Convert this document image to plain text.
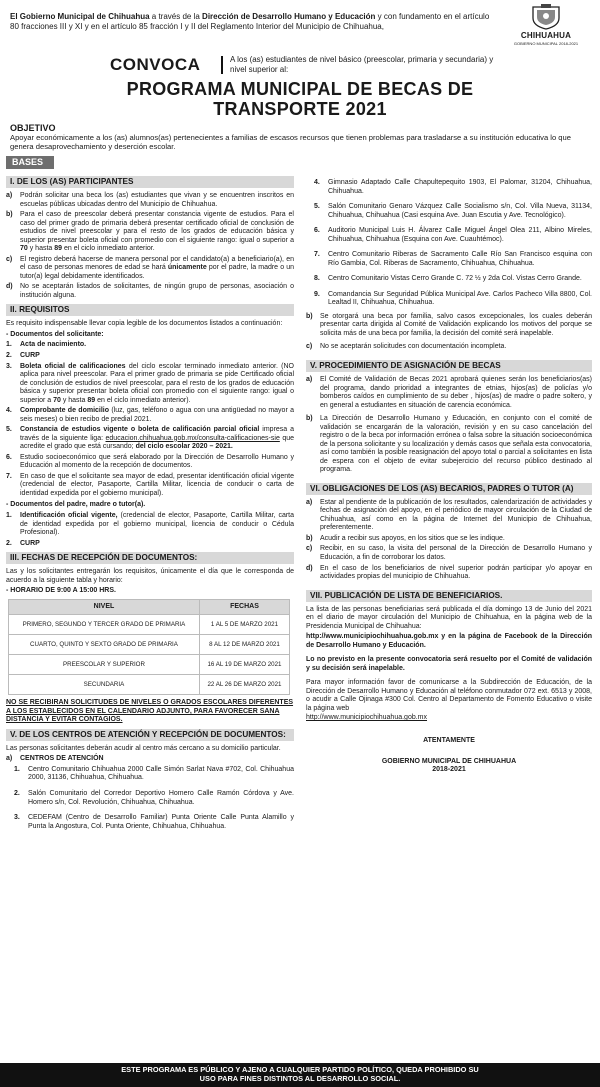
El Gobierno Municipal de Chihuahua a través de la Dirección de Desarrollo Humano y Educación y con fundamento en el artículo 80 fracciones III y XI y en el artículo 85 fracción I y II del Reglamento Interior del Municipio de Chihuahua,
CHIHUAHUA
GOBIERNO MUNICIPAL 2018-2021
CONVOCA	A los (as) estudiantes de nivel básico (preescolar, primaria y secundaria) y nivel superior al:
PROGRAMA MUNICIPAL DE BECAS DE
TRANSPORTE 2021
OBJETIVO
Apoyar económicamente a los (as) alumnos(as) pertenecientes a familias de escasos recursos que tienen problemas para trasladarse a su institución educativa lo que genera desaprovechamiento y deserción escolar.
BASES
I. DE LOS (AS) PARTICIPANTES
a)	Podrán solicitar una beca los (as) estudiantes que vivan y se encuentren inscritos en escuelas públicas ubicadas dentro del Municipio de Chihuahua.
b)	Para el caso de preescolar deberá presentar constancia vigente de estudios. Para el caso del primer grado de primaria deberá presentar certificado oficial de conclusión de estudios de nivel preescolar y para el resto de los grados de educación básica y superior presentar boleta oficial con promedio con el siguiente rango: igual o superior a 70 y hasta 89 en el ciclo inmediato anterior.
c)	El registro deberá hacerse de manera personal por el candidato(a) a beneficiario(a), en el caso de personas menores de edad se hará únicamente por el padre, la madre o un tutor(a) legal debidamente identificados.
d)	No se aceptarán listados de solicitantes, de ningún grupo de personas, asociación o institución alguna.
II. REQUISITOS
Es requisito indispensable llevar copia legible de los documentos listados a continuación:
- Documentos del solicitante:
1.	Acta de nacimiento.
2.	CURP
3.	Boleta oficial de calificaciones del ciclo escolar terminado inmediato anterior. (NO aplica para nivel preescolar. Para el primer grado de primaria se pide Certificado oficial de conclusión de estudios de nivel preescolar, para el resto de los grados de educación básica y superior presentar boleta oficial con promedio con el siguiente rango: igual o superior a 70 y hasta 89 en el ciclo inmediato anterior).
4.	Comprobante de domicilio (luz, gas, teléfono o agua con una antigüedad no mayor a seis meses) o bien recibo de predial 2021.
5.	Constancia de estudios vigente o boleta de calificación parcial oficial impresa a través de la siguiente liga: educacion.chihuahua.gob.mx/consulta-calificaciones-sie que acredite el grado que está cursando; del ciclo escolar 2020 – 2021.
6.	Estudio socioeconómico que será elaborado por la Dirección de Desarrollo Humano y Educación al momento de la recepción de documentos.
7.	En caso de que el solicitante sea mayor de edad, presentar identificación oficial vigente (credencial de elector, Pasaporte, Cartilla Militar, licencia de conducir o carta de identidad expedida por el gobierno municipal).
- Documentos del padre, madre o tutor(a).
1.	Identificación oficial vigente, (credencial de elector, Pasaporte, Cartilla Militar, carta de identidad expedida por el gobierno municipal, licencia de conducir o Cédula Profesional).
2.	CURP
III. FECHAS DE RECEPCIÓN DE DOCUMENTOS:
Las y los solicitantes entregarán los requisitos, únicamente el día que le corresponda de acuerdo a la siguiente tabla y horario:
- HORARIO DE 9:00 A 15:00 HRS.
NIVEL	FECHAS
PRIMERO, SEGUNDO Y TERCER GRADO DE PRIMARIA	1 AL 5 DE MARZO 2021
CUARTO, QUINTO Y SEXTO GRADO DE PRIMARIA	8 AL 12 DE MARZO 2021
PREESCOLAR Y SUPERIOR	16 AL 19 DE MARZO 2021
SECUNDARIA	22 AL 26 DE MARZO 2021
NO SE RECIBIRAN SOLICITUDES DE NIVELES O GRADOS ESCOLARES DIFERENTES A LOS ESTABLECIDOS EN EL CALENDARIO ADJUNTO, PARA FAVORECER SANA DISTANCIA Y EVITAR CONTAGIOS.
V. DE LOS CENTROS DE ATENCIÓN Y RECEPCIÓN DE DOCUMENTOS:
Las personas solicitantes deberán acudir al centro más cercano a su domicilio particular.
a)	CENTROS DE ATENCIÓN
1.	Centro Comunitario Chihuahua 2000 Calle Simón Sarlat Nava #702, Col. Chihuahua 2000, 31136, Chihuahua, Chihuahua.
2.	Salón Comunitario del Corredor Deportivo Homero Calle Ramón Córdova y Ave. Homero s/n, Col. Revolución, Chihuahua, Chihuahua.
3.	CEDEFAM (Centro de Desarrollo Familiar) Punta Oriente Calle Punta Alamillo y Punta la Angostura, Col. Punta Oriente, Chihuahua, Chihuahua.
4.	Gimnasio Adaptado Calle Chapultepequito 1903, El Palomar, 31204, Chihuahua, Chihuahua.
5.	Salón Comunitario Genaro Vázquez Calle Socialismo s/n, Col. Villa Nueva, 31134, Chihuahua, Chihuahua (Casi esquina Ave. Juan Escutia y Ave. Tecnológico).
6.	Auditorio Municipal Luis H. Álvarez Calle Miguel Ángel Olea 211, Albino Mireles, Chihuahua, Chihuahua (Esquina con Ave. Cuauhtémoc).
7.	Centro Comunitario Riberas de Sacramento Calle Río San Francisco esquina con Río Gambia, Col. Riberas de Sacramento, Chihuahua, Chihuahua.
8.	Centro Comunitario Vistas Cerro Grande C. 72 ½ y 2da Col. Vistas Cerro Grande.
9.	Comandancia Sur Seguridad Pública Municipal Ave. Carlos Pacheco Villa 8800, Col. Lealtad II, Chihuahua, Chihuahua.
b)	Se otorgará una beca por familia, salvo casos excepcionales, los cuales deberán presentar carta dirigida al Comité de Validación explicando los motivos del porque se solicita más de una beca por familia, la decisión del comité será inapelable.
c)	No se aceptarán solicitudes con documentación incompleta.
V. PROCEDIMIENTO DE ASIGNACIÓN DE BECAS
a)	El Comité de Validación de Becas 2021 aprobará quienes serán los beneficiarios(as) del programa, dando prioridad a integrantes de etnias, hijos(as) de policías y/o bomberos caídos en cumplimiento de su deber , hijos(as) de madre o padre soltero, y en general a estudiantes en situación de carencia económica.
b)	La Dirección de Desarrollo Humano y Educación, en conjunto con el comité de validación se encargarán de la valoración, revisión y en su caso cancelación del registro o de la beca por información errónea o falsa sobre la situación socioeconómica de la persona solicitante y su localización y demás casos que señala esta convocatoria, así como también la posible reasignación del apoyo total o parcial a solicitantes en lista de espera con el objeto de evitar subejercicio del recurso público destinado al programa.
VI. OBLIGACIONES DE LOS (AS) BECARIOS, PADRES O TUTOR (A)
a)	Estar al pendiente de la publicación de los resultados, calendarización de actividades y fechas de asignación del apoyo, en el periódico de mayor circulación de la Ciudad de Chihuahua, así como en la página de Internet del Municipio de Chihuahua, preferentemente.
b)	Acudir a recibir sus apoyos, en los sitios que se les indique.
c)	Recibir, en su caso, la visita del personal de la Dirección de Desarrollo Humano y Educación, a fin de corroborar los datos.
d)	En el caso de los beneficiarios de nivel superior podrán participar y/o apoyar en actividades propias del municipio de Chihuahua.
VII. PUBLICACIÓN DE LISTA DE BENEFICIARIOS.
La lista de las personas beneficiarias será publicada el día domingo 13 de Junio del 2021 en el diario de mayor circulación del Municipio de Chihuahua, en la página web de la Presidencia Municipal de Chihuahua:
http://www.municipiochihuahua.gob.mx y en la página de Facebook de la Dirección de Desarrollo Humano y Educación.
Lo no previsto en la presente convocatoria será resuelto por el Comité de validación y su decisión será inapelable.
Para mayor información favor de comunicarse a la Subdirección de Educación, de la Dirección de Desarrollo Humano y Educación al teléfono conmutador 072 ext. 6513 y 2008, o acudir a Calle Ojinaga #300 Col. Centro al Departamento de Fomento Educativo o visite la página web
http://www.municipiochihuahua.gob.mx
ATENTAMENTE
GOBIERNO MUNICIPAL DE CHIHUAHUA
2018-2021
ESTE PROGRAMA ES PÚBLICO Y AJENO A CUALQUIER PARTIDO POLÍTICO, QUEDA PROHIBIDO SU
USO PARA FINES DISTINTOS AL DESARROLLO SOCIAL.
